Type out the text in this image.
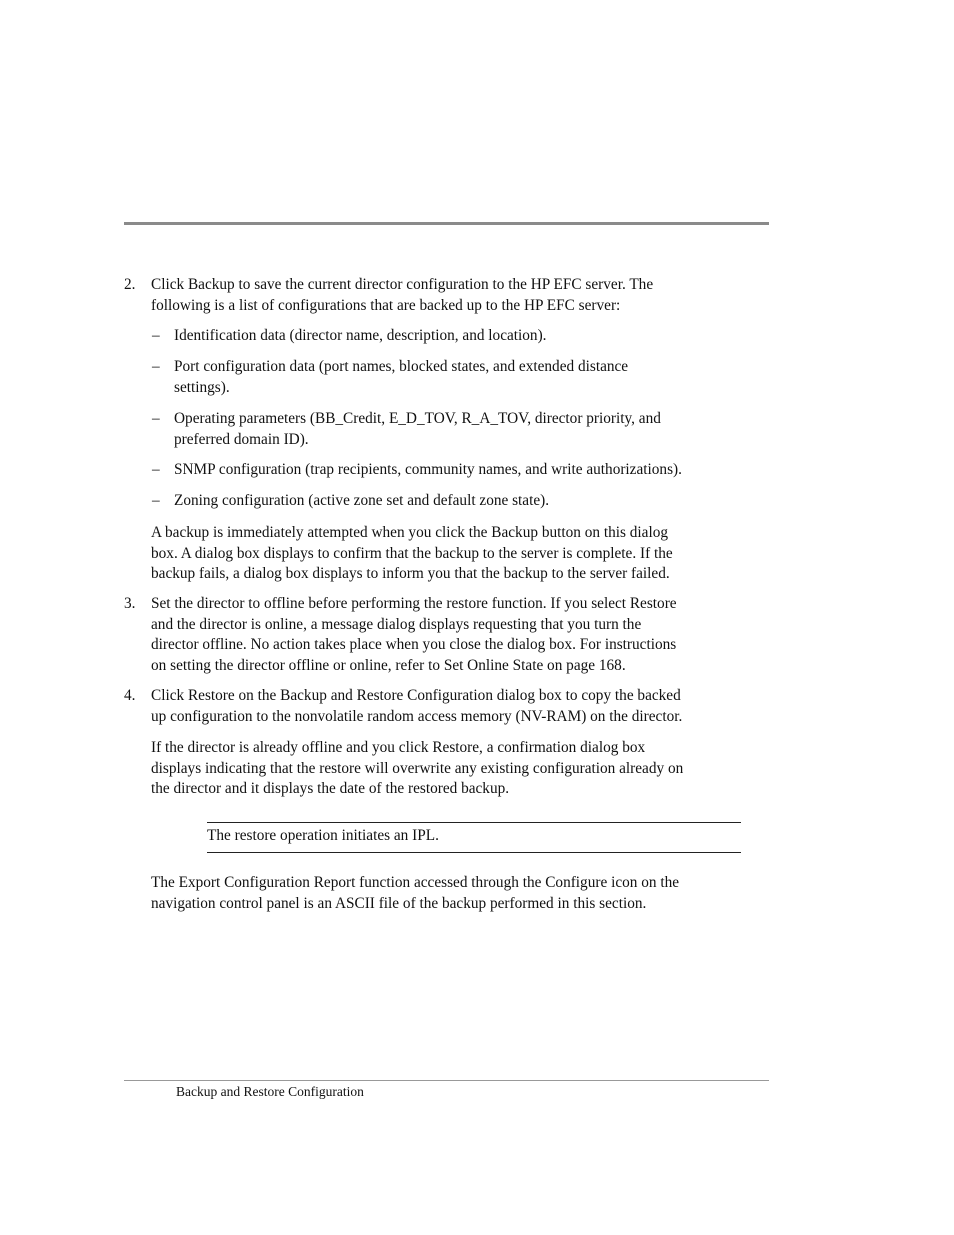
2. Click Backup to save the current director configuration to the HP EFC server. The
following is a list of configurations that are backed up to the HP EFC server:
– Identification data (director name, description, and location).
– Port configuration data (port names, blocked states, and extended distance
settings).
– Operating parameters (BB_Credit, E_D_TOV, R_A_TOV, director priority, and
preferred domain ID).
– SNMP configuration (trap recipients, community names, and write authorizations).
– Zoning configuration (active zone set and default zone state).
A backup is immediately attempted when you click the Backup button on this dialog
box. A dialog box displays to confirm that the backup to the server is complete. If the
backup fails, a dialog box displays to inform you that the backup to the server failed.
3. Set the director to offline before performing the restore function. If you select Restore
and the director is online, a message dialog displays requesting that you turn the
director offline. No action takes place when you close the dialog box. For instructions
on setting the director offline or online, refer to Set Online State on page 168.
4. Click Restore on the Backup and Restore Configuration dialog box to copy the backed
up configuration to the nonvolatile random access memory (NV-RAM) on the director.
If the director is already offline and you click Restore, a confirmation dialog box
displays indicating that the restore will overwrite any existing configuration already on
the director and it displays the date of the restored backup.
The restore operation initiates an IPL.
The Export Configuration Report function accessed through the Configure icon on the
navigation control panel is an ASCII file of the backup performed in this section.
Backup and Restore Configuration
